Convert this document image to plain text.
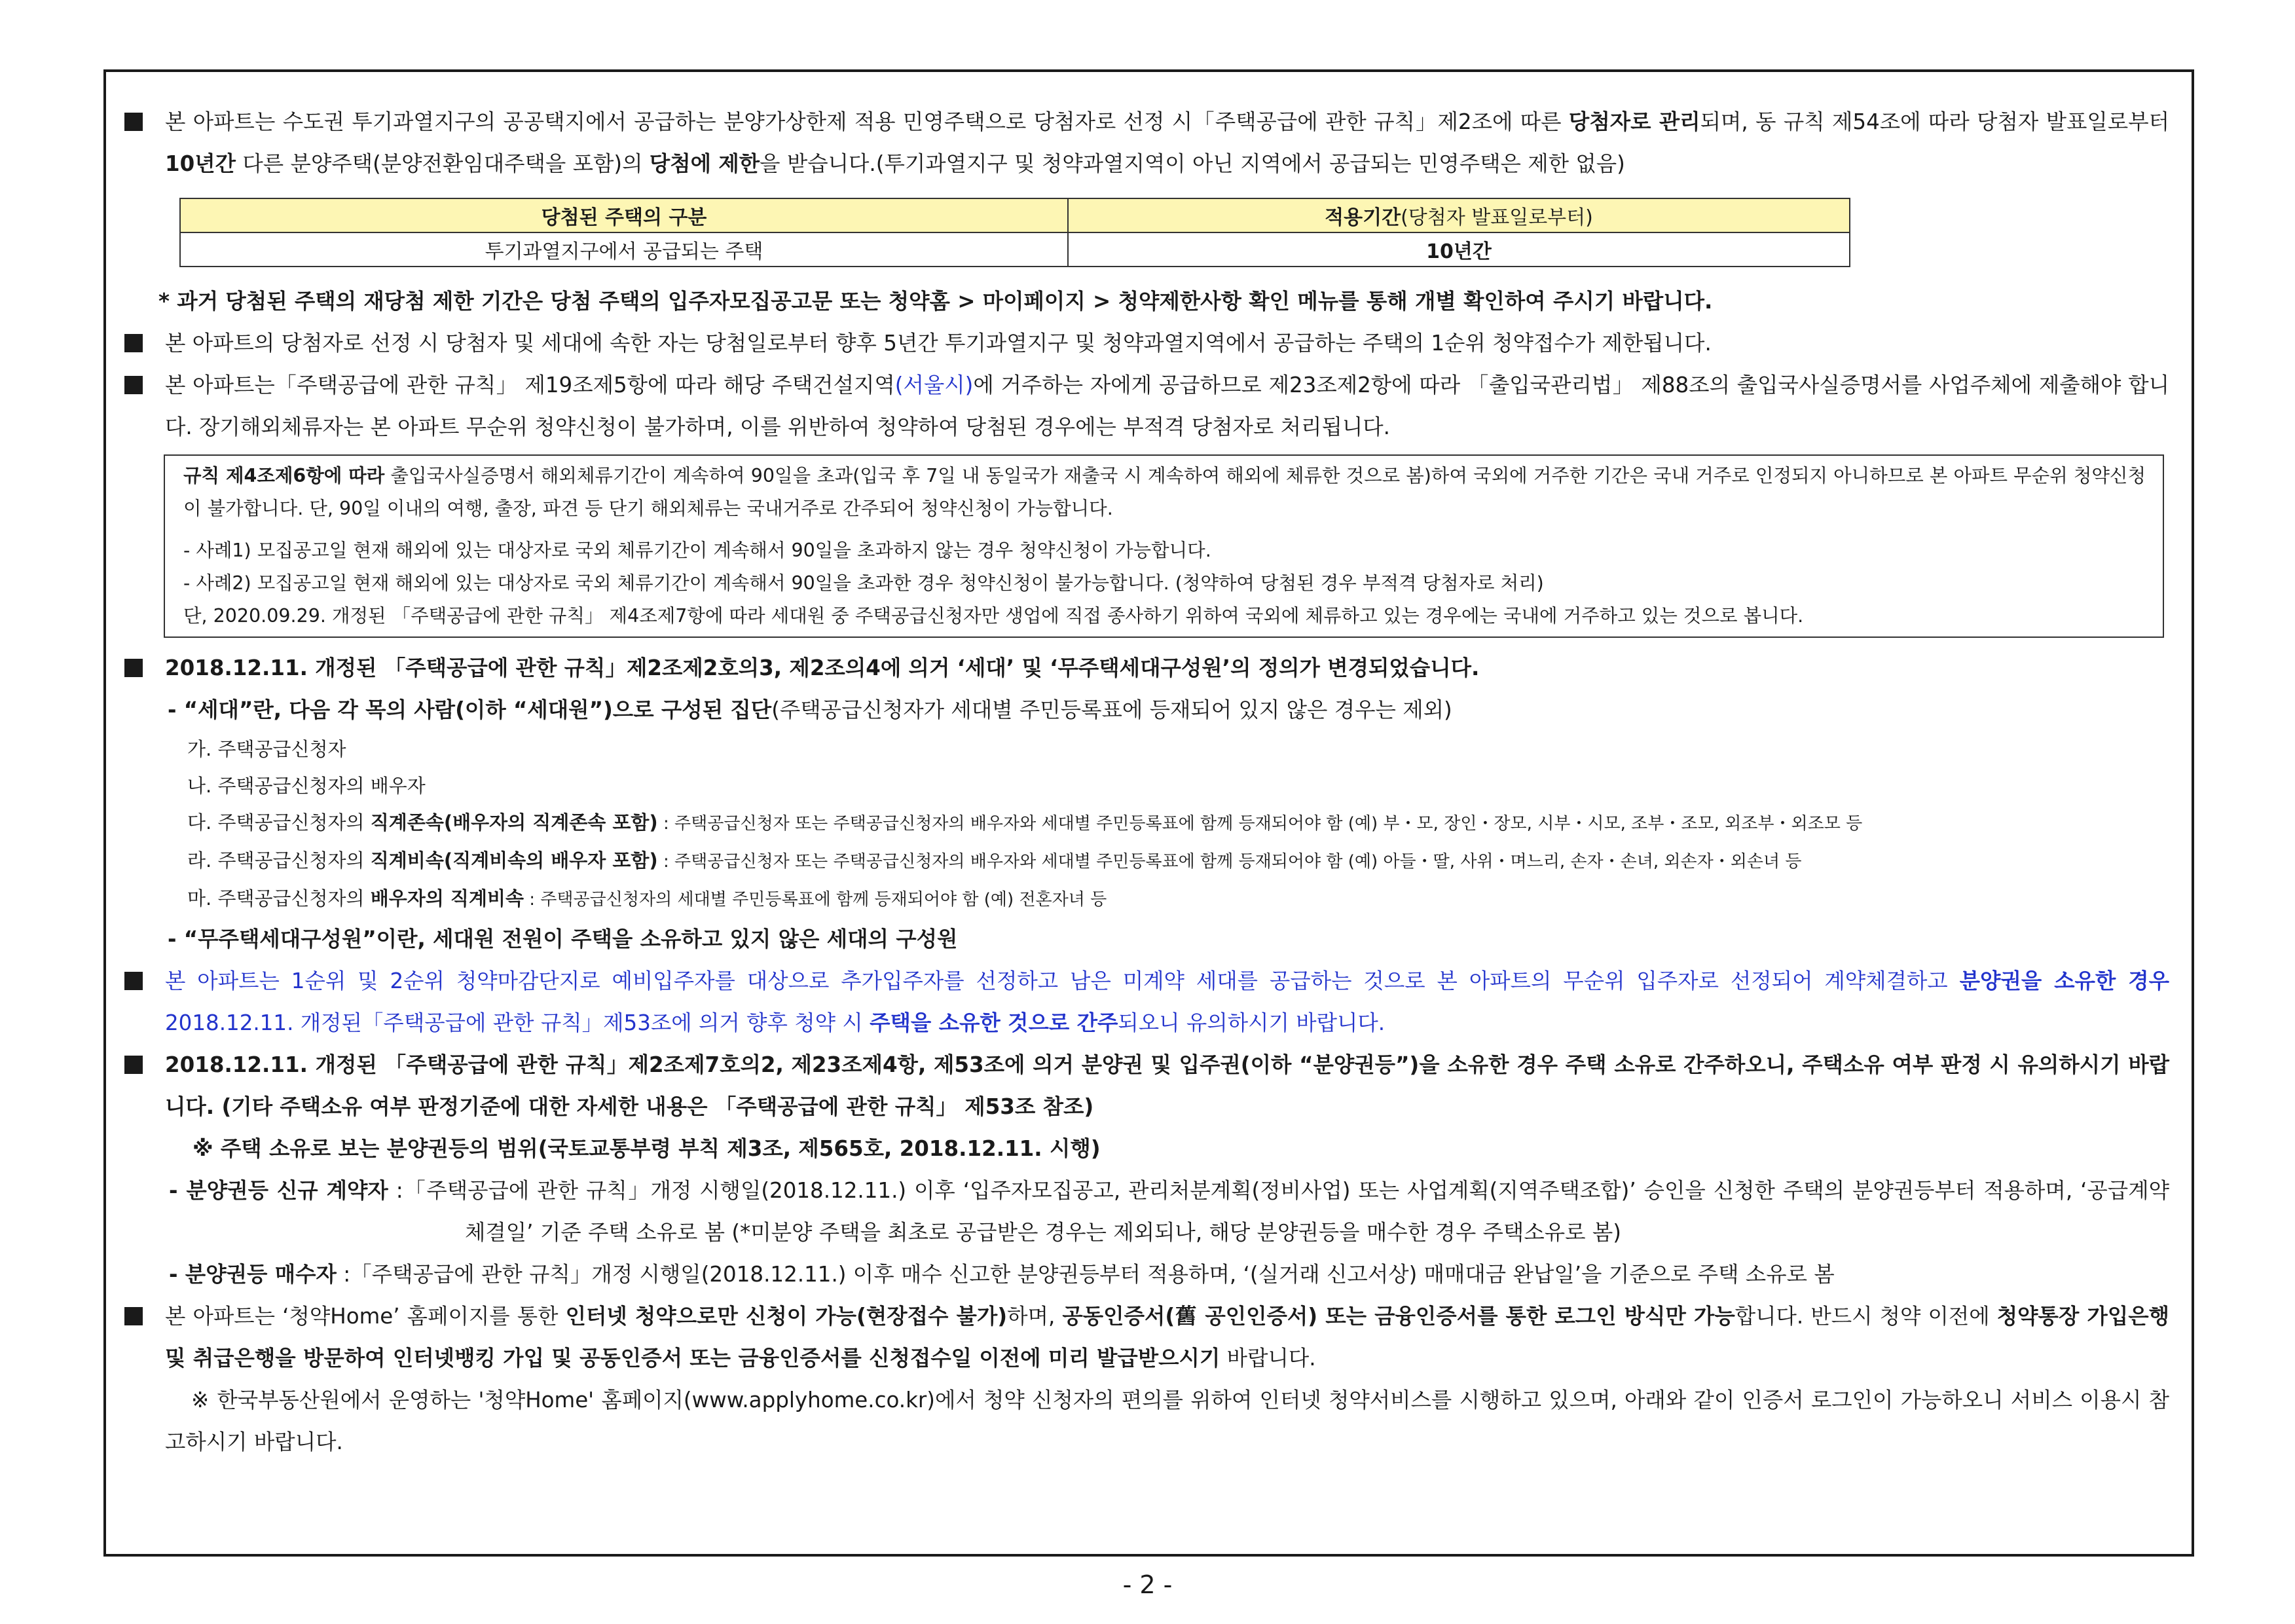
본 아파트는 수도권 투기과열지구의 공공택지에서 공급하는 분양가상한제 적용 민영주택으로 당첨자로 선정 시「주택공급에 관한 규칙」제2조에 따른 당첨자로 관리되며, 동 규칙 제54조에 따라 당첨자 발표일로부터 10년간 다른 분양주택(분양전환임대주택을 포함)의 당첨에 제한을 받습니다.(투기과열지구 및 청약과열지역이 아닌 지역에서 공급되는 민영주택은 제한 없음)

당첨된 주택의 구분	적용기간(당첨자 발표일로부터)
투기과열지구에서 공급되는 주택	10년간

* 과거 당첨된 주택의 재당첨 제한 기간은 당첨 주택의 입주자모집공고문 또는 청약홈 > 마이페이지 > 청약제한사항 확인 메뉴를 통해 개별 확인하여 주시기 바랍니다.

본 아파트의 당첨자로 선정 시 당첨자 및 세대에 속한 자는 당첨일로부터 향후 5년간 투기과열지구 및 청약과열지역에서 공급하는 주택의 1순위 청약접수가 제한됩니다.

본 아파트는「주택공급에 관한 규칙」 제19조제5항에 따라 해당 주택건설지역(서울시)에 거주하는 자에게 공급하므로 제23조제2항에 따라 「출입국관리법」 제88조의 출입국사실증명서를 사업주체에 제출해야 합니다. 장기해외체류자는 본 아파트 무순위 청약신청이 불가하며, 이를 위반하여 청약하여 당첨된 경우에는 부적격 당첨자로 처리됩니다.

규칙 제4조제6항에 따라 출입국사실증명서 해외체류기간이 계속하여 90일을 초과(입국 후 7일 내 동일국가 재출국 시 계속하여 해외에 체류한 것으로 봄)하여 국외에 거주한 기간은 국내 거주로 인정되지 아니하므로 본 아파트 무순위 청약신청이 불가합니다. 단, 90일 이내의 여행, 출장, 파견 등 단기 해외체류는 국내거주로 간주되어 청약신청이 가능합니다.

- 사례1) 모집공고일 현재 해외에 있는 대상자로 국외 체류기간이 계속해서 90일을 초과하지 않는 경우 청약신청이 가능합니다.

- 사례2) 모집공고일 현재 해외에 있는 대상자로 국외 체류기간이 계속해서 90일을 초과한 경우 청약신청이 불가능합니다. (청약하여 당첨된 경우 부적격 당첨자로 처리)

단, 2020.09.29. 개정된 「주택공급에 관한 규칙」 제4조제7항에 따라 세대원 중 주택공급신청자만 생업에 직접 종사하기 위하여 국외에 체류하고 있는 경우에는 국내에 거주하고 있는 것으로 봅니다.

2018.12.11. 개정된 「주택공급에 관한 규칙」제2조제2호의3, 제2조의4에 의거 ‘세대’ 및 ‘무주택세대구성원’의 정의가 변경되었습니다.

- “세대”란, 다음 각 목의 사람(이하 “세대원”)으로 구성된 집단(주택공급신청자가 세대별 주민등록표에 등재되어 있지 않은 경우는 제외)

가. 주택공급신청자

나. 주택공급신청자의 배우자

다. 주택공급신청자의 직계존속(배우자의 직계존속 포함) : 주택공급신청자 또는 주택공급신청자의 배우자와 세대별 주민등록표에 함께 등재되어야 함 (예) 부・모, 장인・장모, 시부・시모, 조부・조모, 외조부・외조모 등

라. 주택공급신청자의 직계비속(직계비속의 배우자 포함) : 주택공급신청자 또는 주택공급신청자의 배우자와 세대별 주민등록표에 함께 등재되어야 함 (예) 아들・딸, 사위・며느리, 손자・손녀, 외손자・외손녀 등

마. 주택공급신청자의 배우자의 직계비속 : 주택공급신청자의 세대별 주민등록표에 함께 등재되어야 함 (예) 전혼자녀 등

- “무주택세대구성원”이란, 세대원 전원이 주택을 소유하고 있지 않은 세대의 구성원

본 아파트는 1순위 및 2순위 청약마감단지로 예비입주자를 대상으로 추가입주자를 선정하고 남은 미계약 세대를 공급하는 것으로 본 아파트의 무순위 입주자로 선정되어 계약체결하고 분양권을 소유한 경우 2018.12.11. 개정된「주택공급에 관한 규칙」제53조에 의거 향후 청약 시 주택을 소유한 것으로 간주되오니 유의하시기 바랍니다.

2018.12.11. 개정된 「주택공급에 관한 규칙」제2조제7호의2, 제23조제4항, 제53조에 의거 분양권 및 입주권(이하 “분양권등”)을 소유한 경우 주택 소유로 간주하오니, 주택소유 여부 판정 시 유의하시기 바랍니다. (기타 주택소유 여부 판정기준에 대한 자세한 내용은 「주택공급에 관한 규칙」 제53조 참조)

※ 주택 소유로 보는 분양권등의 범위(국토교통부령 부칙 제3조, 제565호, 2018.12.11. 시행)

- 분양권등 신규 계약자 :「주택공급에 관한 규칙」개정 시행일(2018.12.11.) 이후 ‘입주자모집공고, 관리처분계획(정비사업) 또는 사업계획(지역주택조합)’ 승인을 신청한 주택의 분양권등부터 적용하며, ‘공급계약 체결일’ 기준 주택 소유로 봄 (*미분양 주택을 최초로 공급받은 경우는 제외되나, 해당 분양권등을 매수한 경우 주택소유로 봄)

- 분양권등 매수자 :「주택공급에 관한 규칙」개정 시행일(2018.12.11.) 이후 매수 신고한 분양권등부터 적용하며, ‘(실거래 신고서상) 매매대금 완납일’을 기준으로 주택 소유로 봄

본 아파트는 ‘청약Home’ 홈페이지를 통한 인터넷 청약으로만 신청이 가능(현장접수 불가)하며, 공동인증서(舊 공인인증서) 또는 금융인증서를 통한 로그인 방식만 가능합니다. 반드시 청약 이전에 청약통장 가입은행 및 취급은행을 방문하여 인터넷뱅킹 가입 및 공동인증서 또는 금융인증서를 신청접수일 이전에 미리 발급받으시기 바랍니다.

※ 한국부동산원에서 운영하는 '청약Home' 홈페이지(www.applyhome.co.kr)에서 청약 신청자의 편의를 위하여 인터넷 청약서비스를 시행하고 있으며, 아래와 같이 인증서 로그인이 가능하오니 서비스 이용시 참고하시기 바랍니다.

- 2 -
